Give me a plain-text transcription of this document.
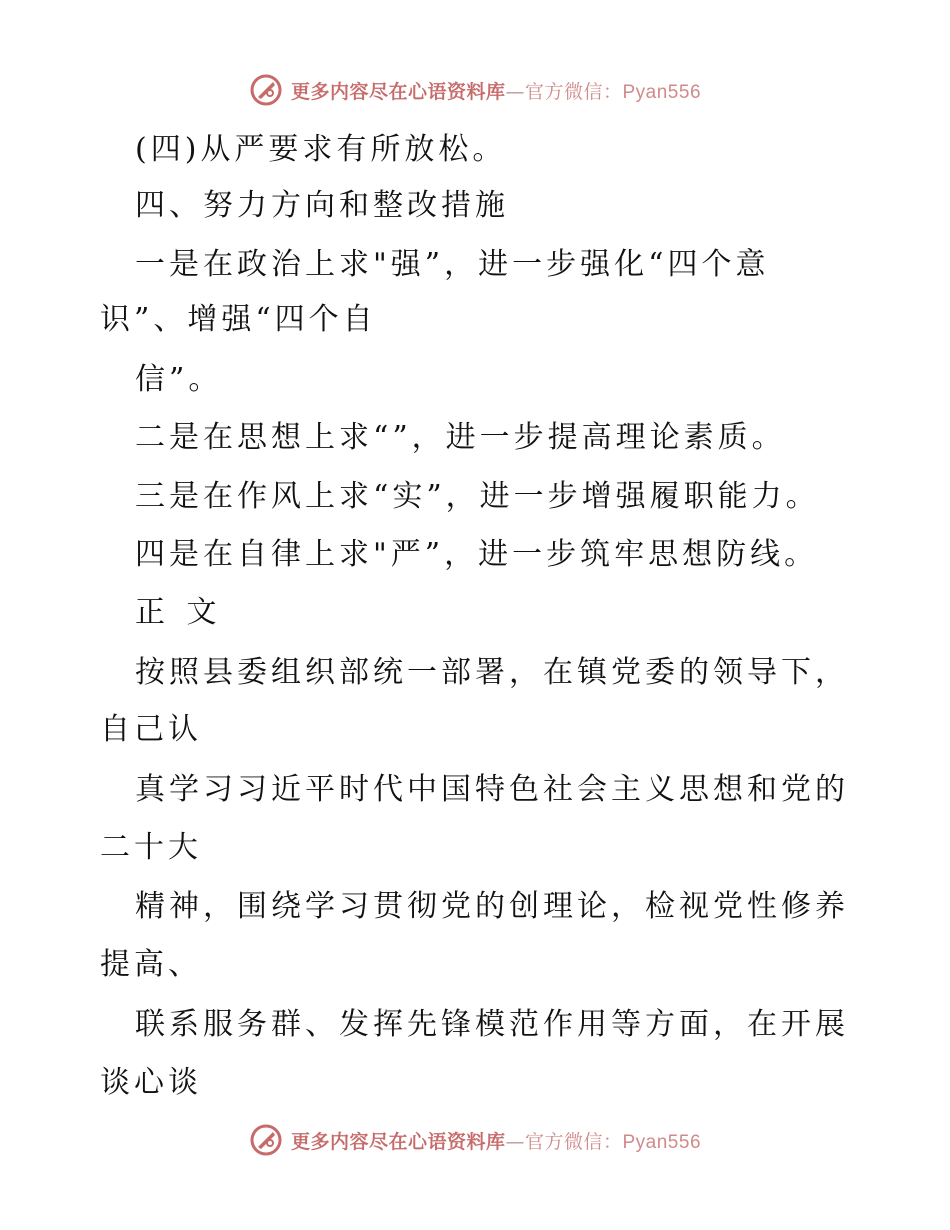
更多内容尽在心语资料库—官方微信：Pyan556
(四)从严要求有所放松。
四、努力方向和整改措施
一是在政治上求"强”，进一步强化“四个意
识”、增强“四个自
信”。
二是在思想上求“”，进一步提高理论素质。
三是在作风上求“实”，进一步增强履职能力。
四是在自律上求"严”，进一步筑牢思想防线。
正 文
按照县委组织部统一部署，在镇党委的领导下，
自己认
真学习习近平时代中国特色社会主义思想和党的
二十大
精神，围绕学习贯彻党的创理论，检视党性修养
提高、
联系服务群、发挥先锋模范作用等方面，在开展
谈心谈
更多内容尽在心语资料库—官方微信：Pyan556
